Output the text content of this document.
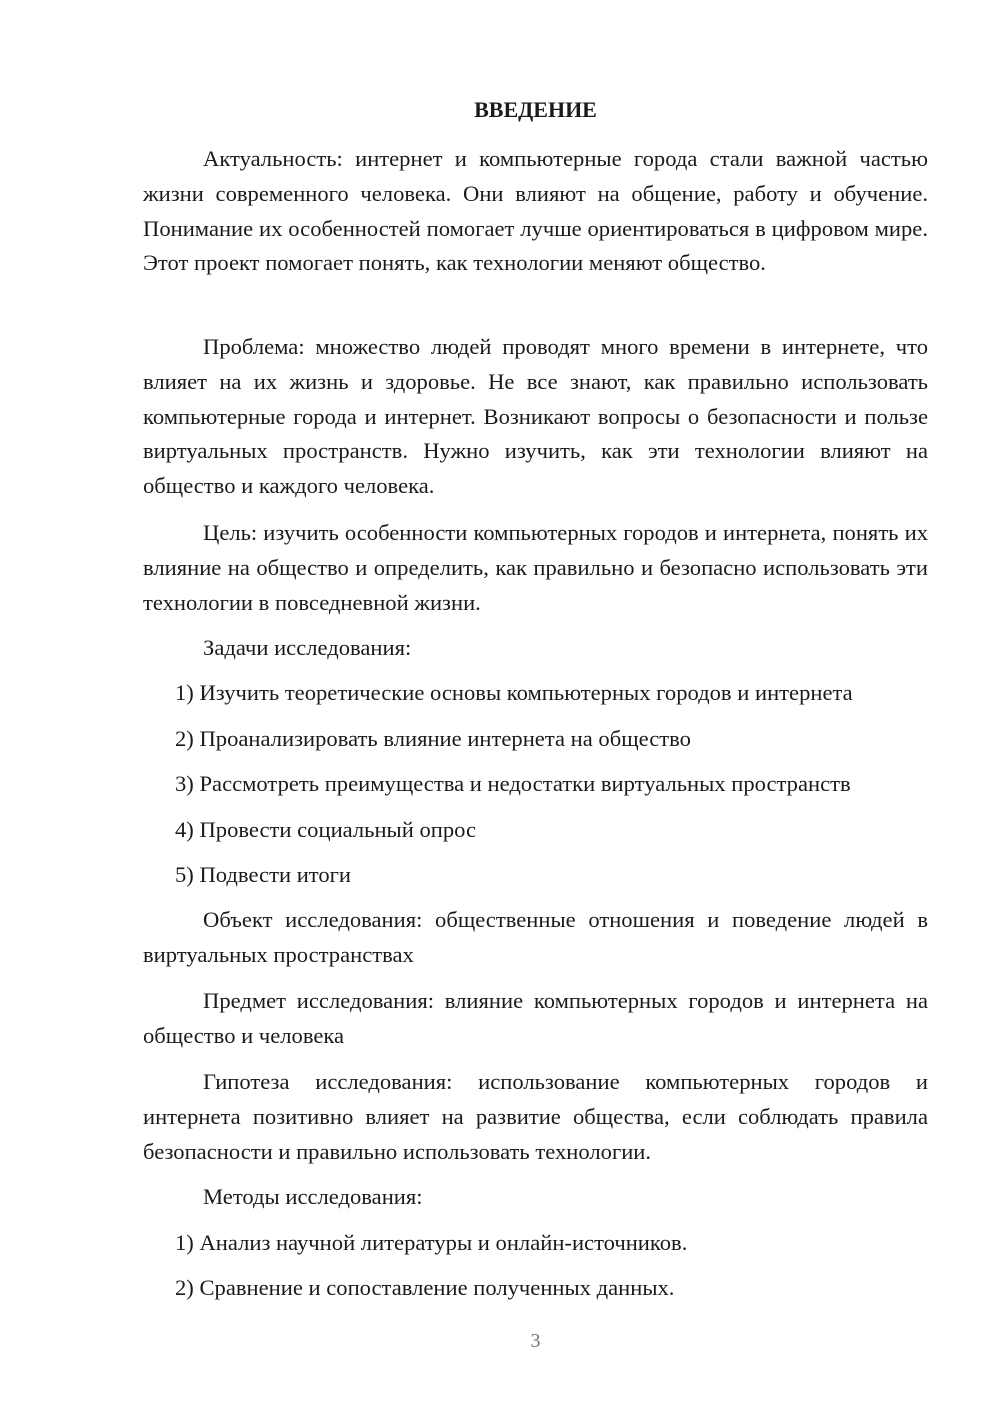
ВВЕДЕНИЕ

Актуальность: интернет и компьютерные города стали важной частью жизни современного человека. Они влияют на общение, работу и обучение. Понимание их особенностей помогает лучше ориентироваться в цифровом мире. Этот проект помогает понять, как технологии меняют общество.

Проблема: множество людей проводят много времени в интернете, что влияет на их жизнь и здоровье. Не все знают, как правильно использовать компьютерные города и интернет. Возникают вопросы о безопасности и пользе виртуальных пространств. Нужно изучить, как эти технологии влияют на общество и каждого человека.

Цель: изучить особенности компьютерных городов и интернета, понять их влияние на общество и определить, как правильно и безопасно использовать эти технологии в повседневной жизни.

Задачи исследования:

1) Изучить теоретические основы компьютерных городов и интернета

2) Проанализировать влияние интернета на общество

3) Рассмотреть преимущества и недостатки виртуальных пространств

4) Провести социальный опрос

5) Подвести итоги

Объект исследования: общественные отношения и поведение людей в виртуальных пространствах

Предмет исследования: влияние компьютерных городов и интернета на общество и человека

Гипотеза исследования: использование компьютерных городов и интернета позитивно влияет на развитие общества, если соблюдать правила безопасности и правильно использовать технологии.

Методы исследования:

1) Анализ научной литературы и онлайн-источников.

2) Сравнение и сопоставление полученных данных.

3
